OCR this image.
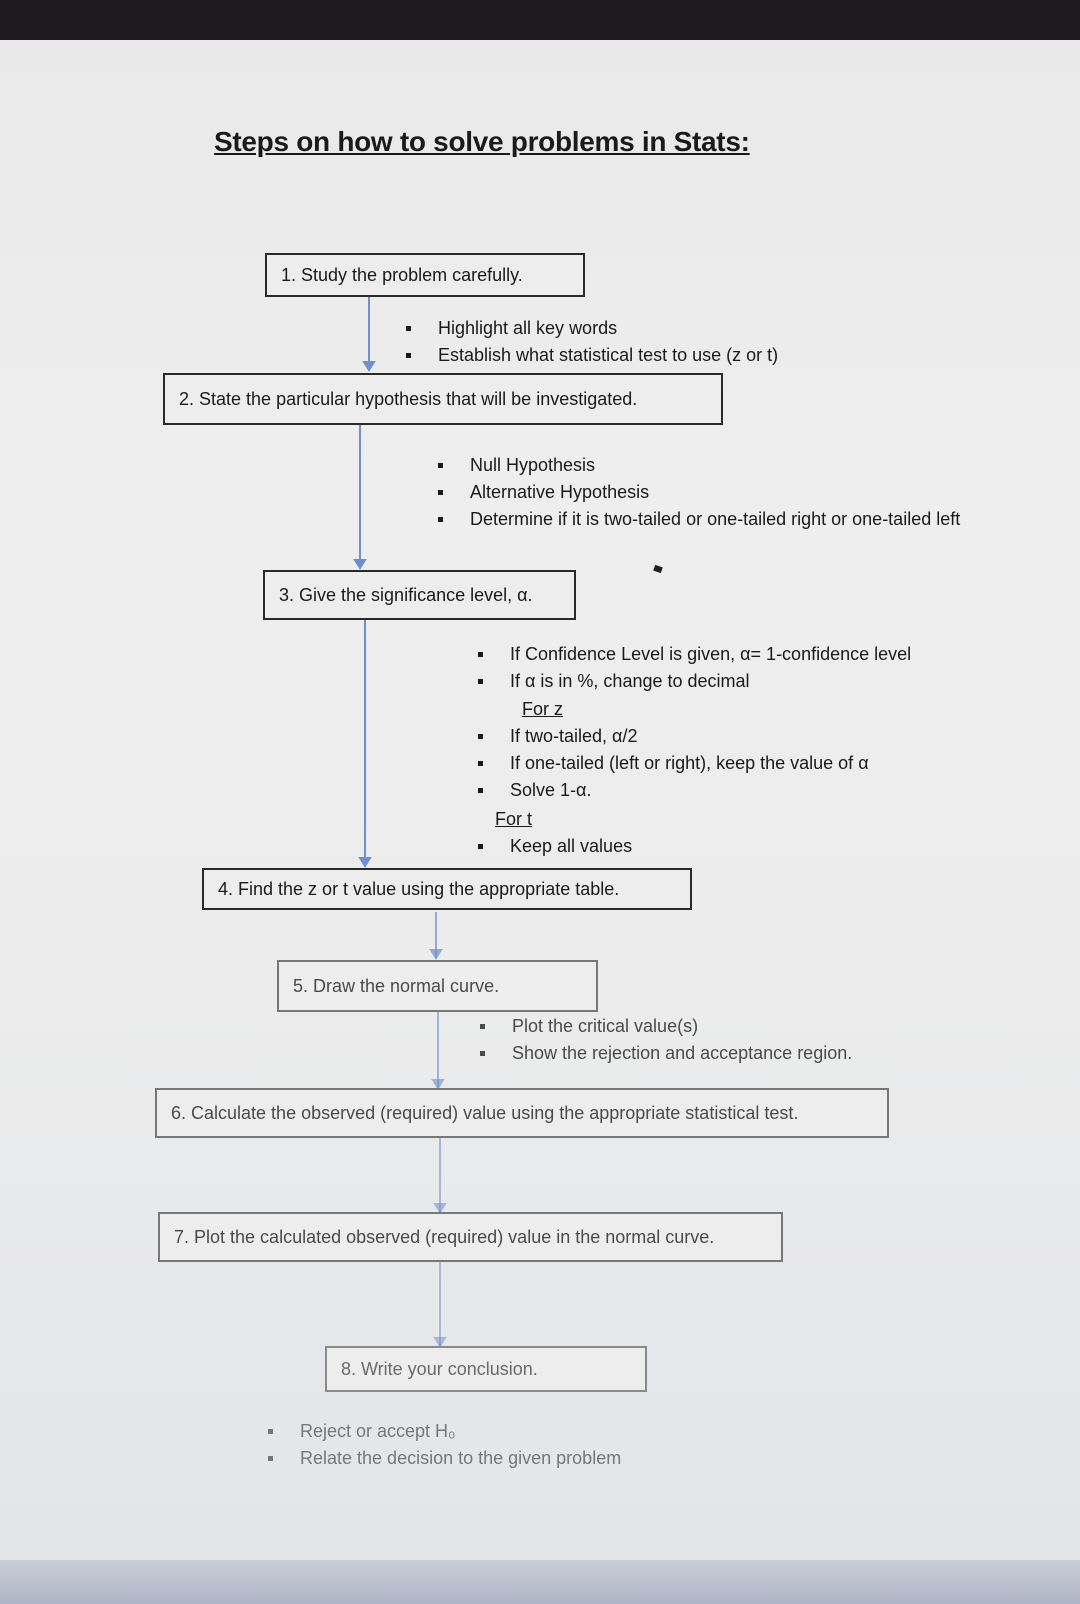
Steps on how to solve problems in Stats:
1. Study the problem carefully.
Highlight all key words
Establish what statistical test to use (z or t)
2. State the particular hypothesis that will be investigated.
Null Hypothesis
Alternative Hypothesis
Determine if it is two-tailed or one-tailed right or one-tailed left
3. Give the significance level, α.
If Confidence Level is given, α= 1-confidence level
If α is in %, change to decimal
For z
If two-tailed, α/2
If one-tailed (left or right), keep the value of α
Solve 1-α.
For t
Keep all values
4. Find the z or t value using the appropriate table.
5. Draw the normal curve.
Plot the critical value(s)
Show the rejection and acceptance region.
6. Calculate the observed (required) value using the appropriate statistical test.
7. Plot the calculated observed (required) value in the normal curve.
8. Write your conclusion.
Reject or accept H₀
Relate the decision to the given problem
